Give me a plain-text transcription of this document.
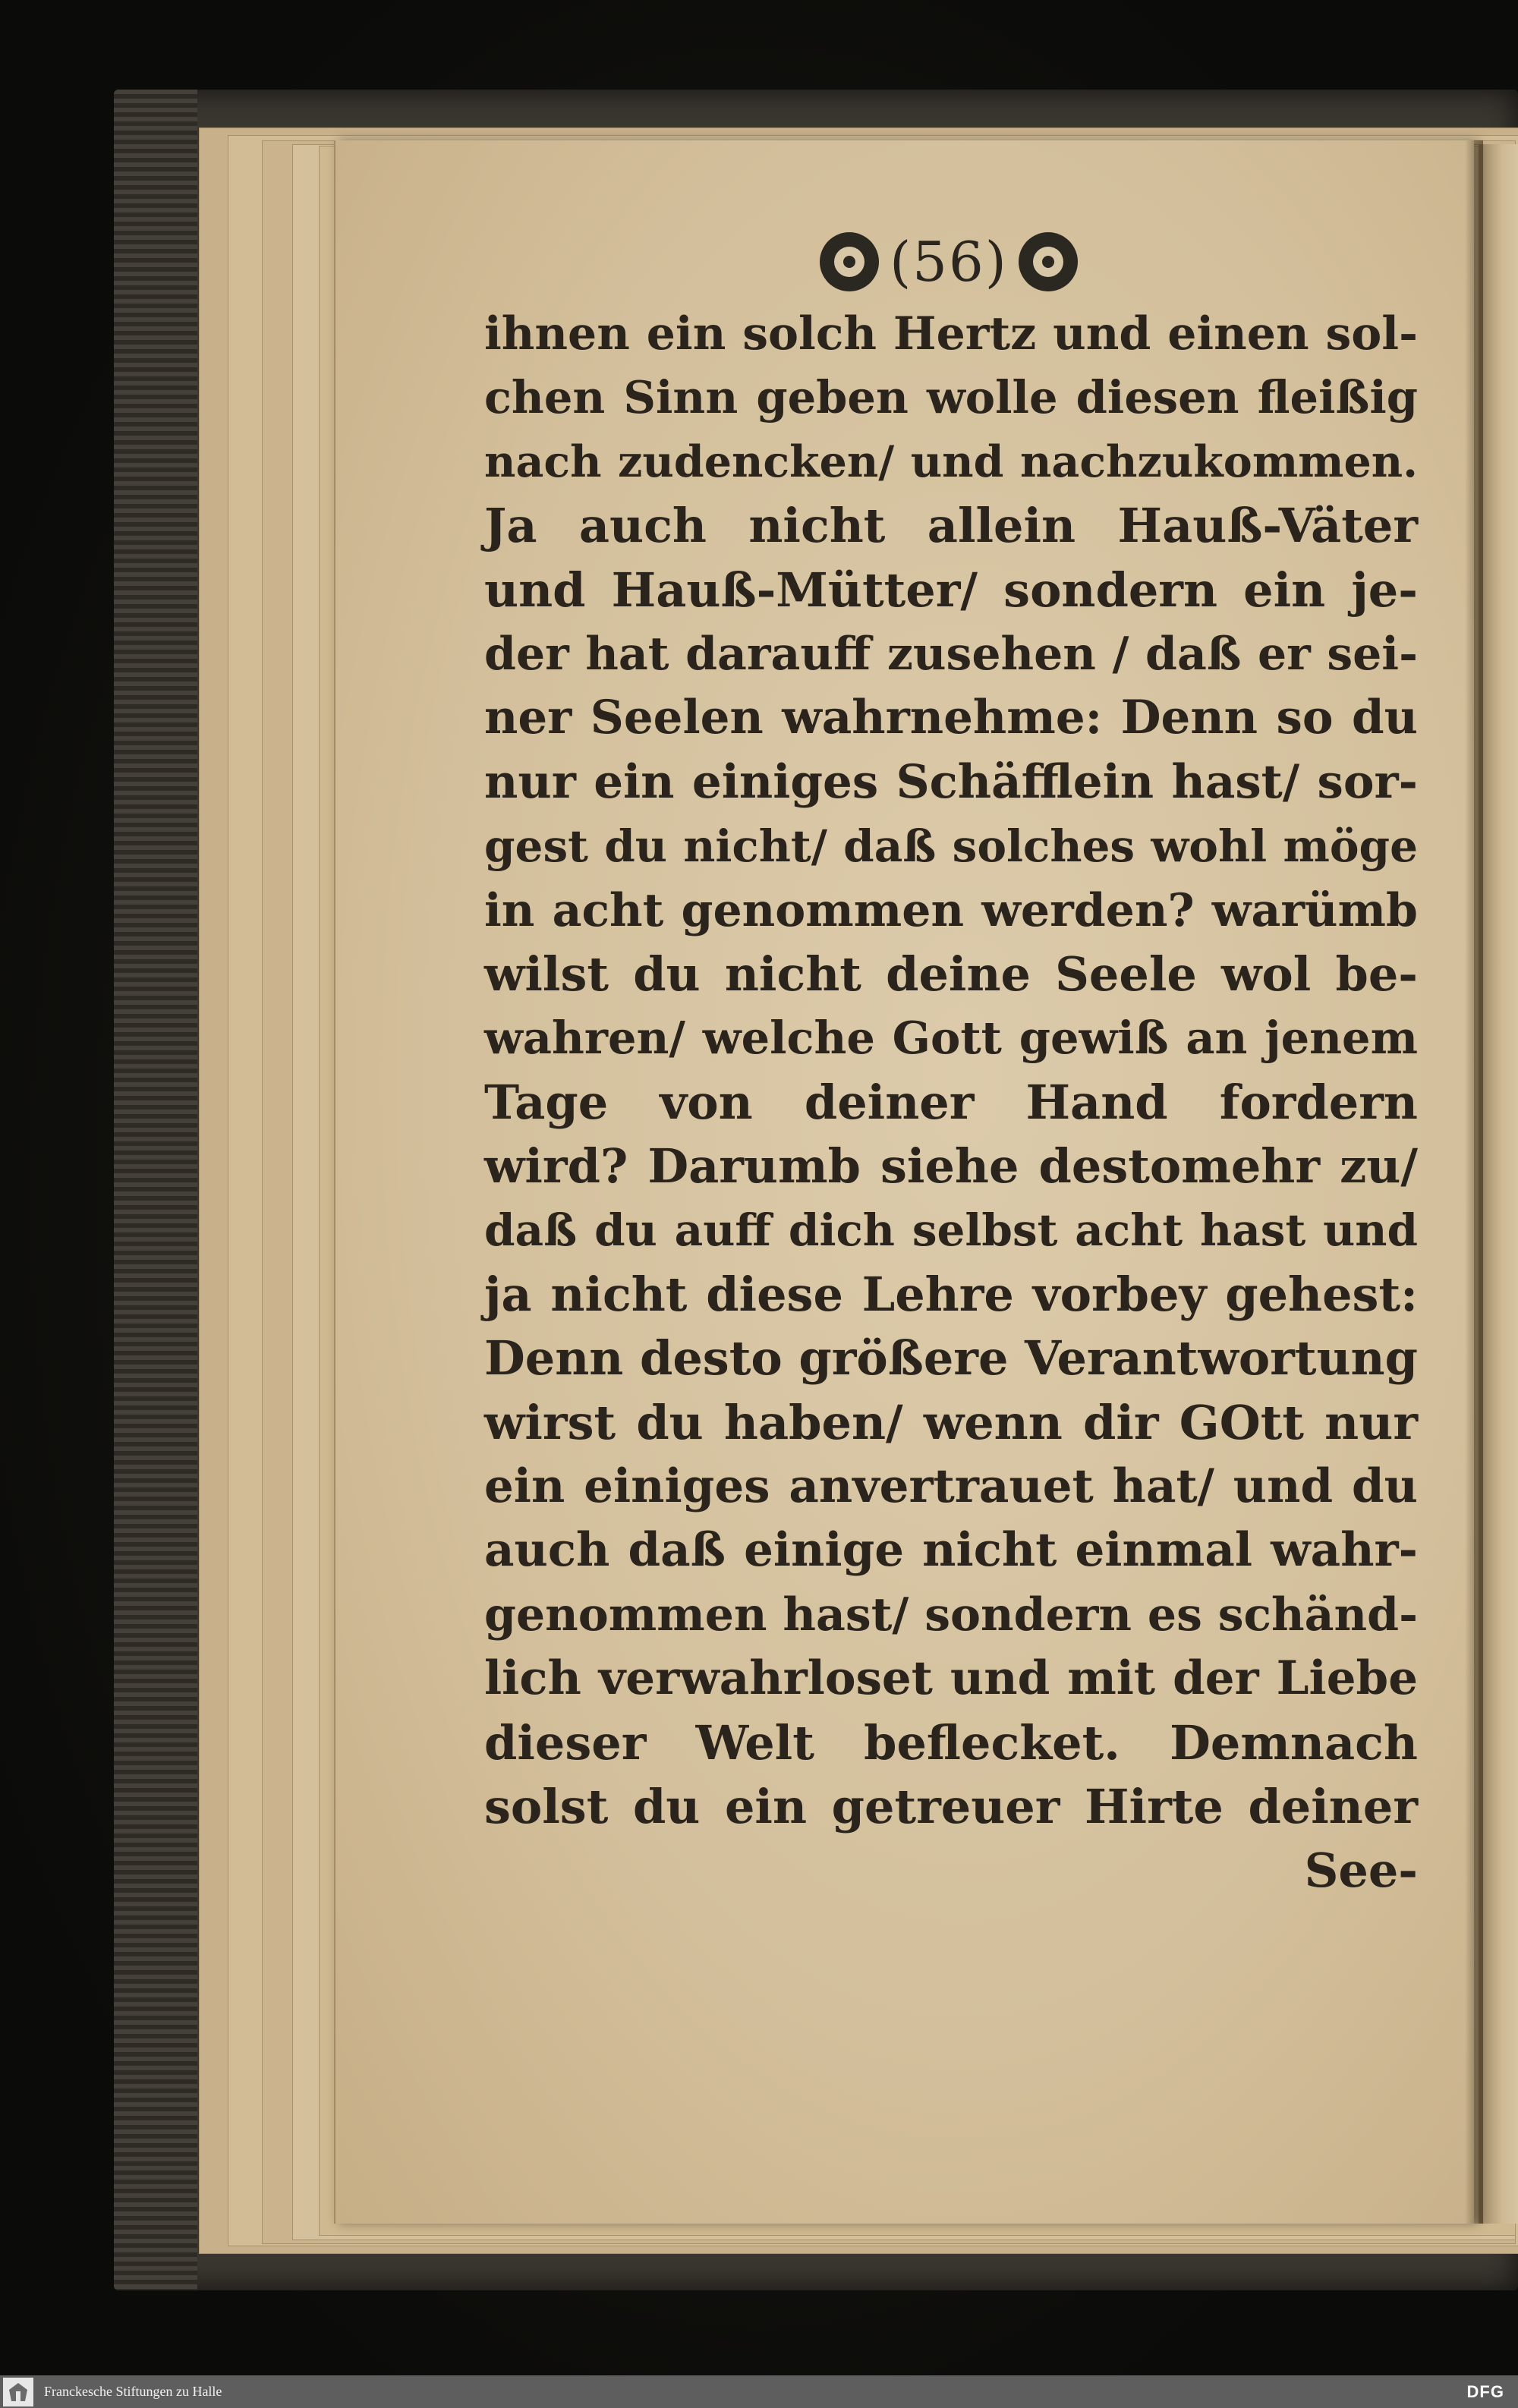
(56)
ihnen ein solch Hertz und einen sol-
chen Sinn geben wolle diesen fleißig
nach zudencken/ und nachzukommen.
Ja auch nicht allein Hauß-Väter
und Hauß-Mütter/ sondern ein je-
der hat darauff zusehen / daß er sei-
ner Seelen wahrnehme: Denn so du
nur ein einiges Schäfflein hast/ sor-
gest du nicht/ daß solches wohl möge
in acht genommen werden? warümb
wilst du nicht deine Seele wol be-
wahren/ welche Gott gewiß an jenem
Tage von deiner Hand fordern
wird? Darumb siehe destomehr zu/
daß du auff dich selbst acht hast und
ja nicht diese Lehre vorbey gehest:
Denn desto größere Verantwortung
wirst du haben/ wenn dir GOtt nur
ein einiges anvertrauet hat/ und du
auch daß einige nicht einmal wahr-
genommen hast/ sondern es schänd-
lich verwahrloset und mit der Liebe
dieser Welt beflecket. Demnach
solst du ein getreuer Hirte deiner
See-
Franckesche Stiftungen zu Halle	DFG
